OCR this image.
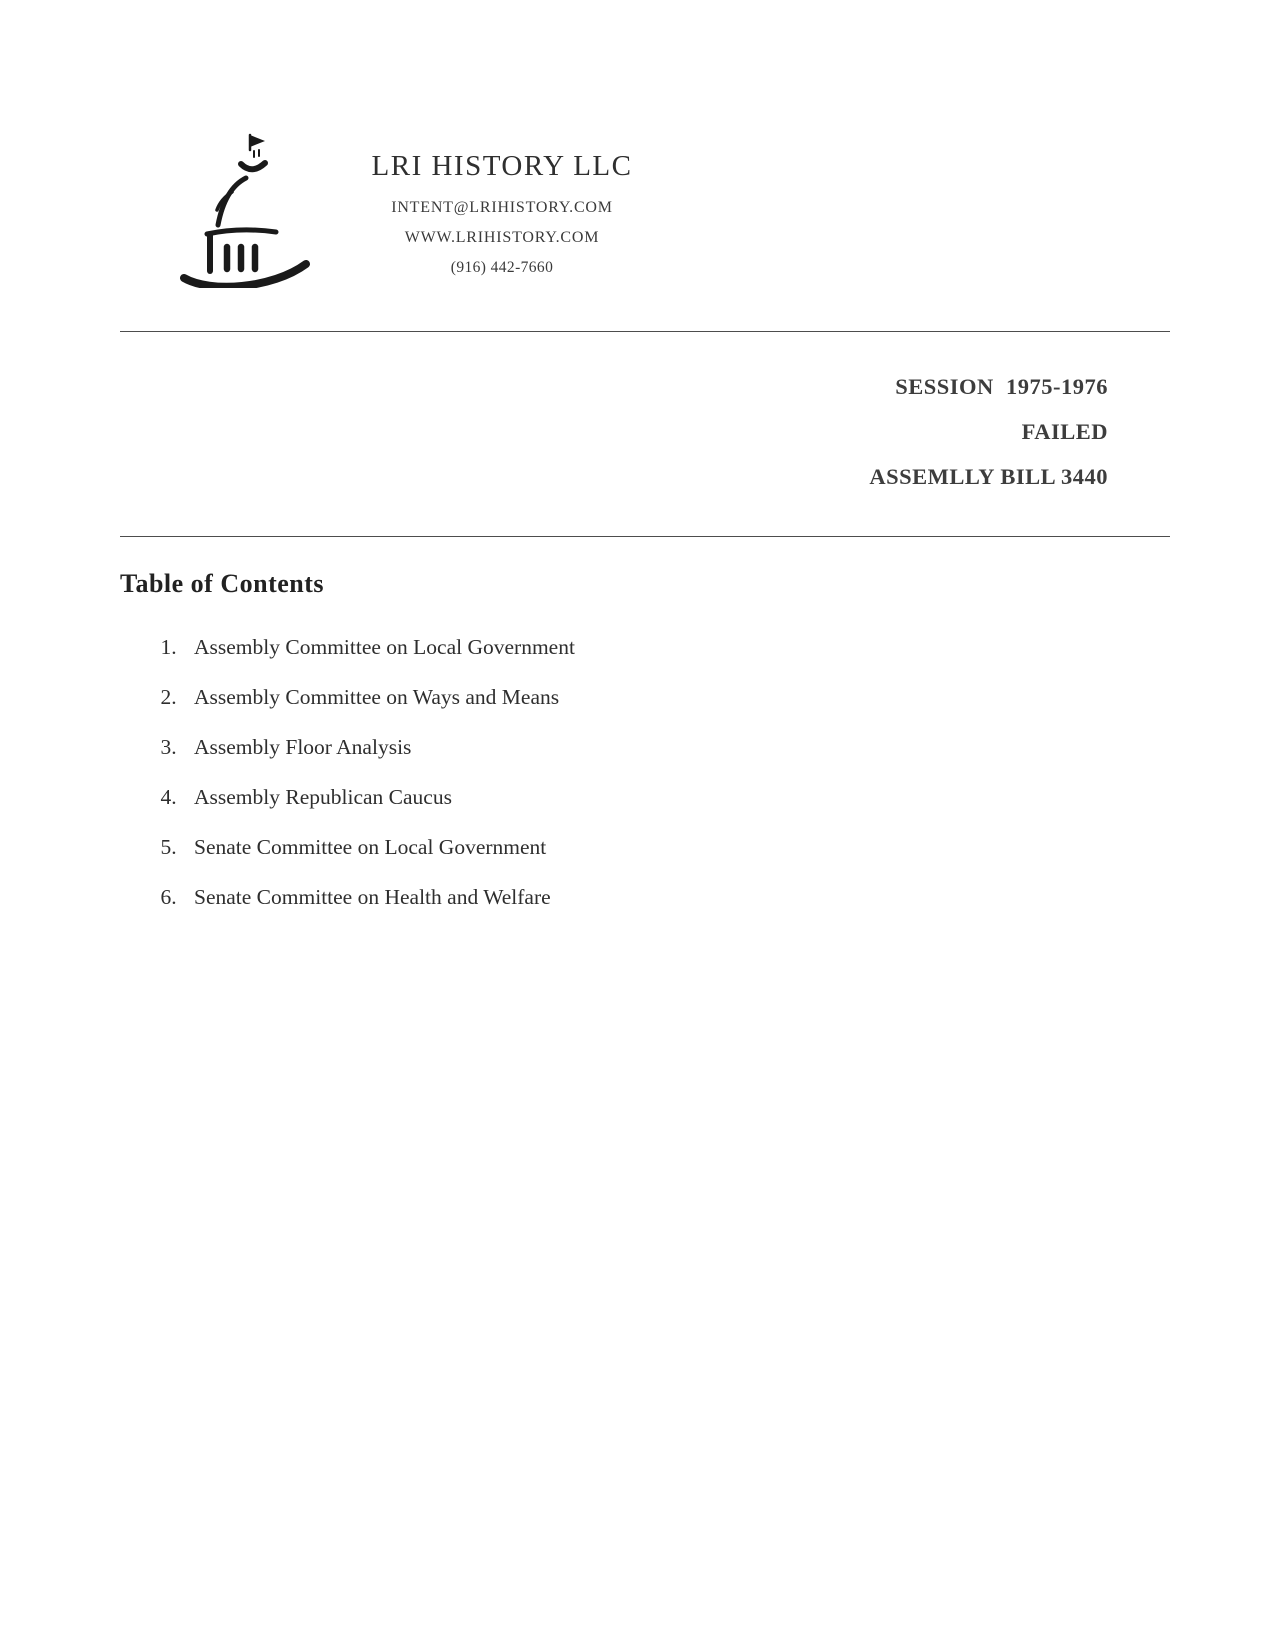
LRI HISTORY LLC
INTENT@LRIHISTORY.COM
WWW.LRIHISTORY.COM
(916) 442-7660
SESSION  1975-1976
FAILED
ASSEMLLY BILL 3440
Table of Contents
1. Assembly Committee on Local Government
2. Assembly Committee on Ways and Means
3. Assembly Floor Analysis
4. Assembly Republican Caucus
5. Senate Committee on Local Government
6. Senate Committee on Health and Welfare
